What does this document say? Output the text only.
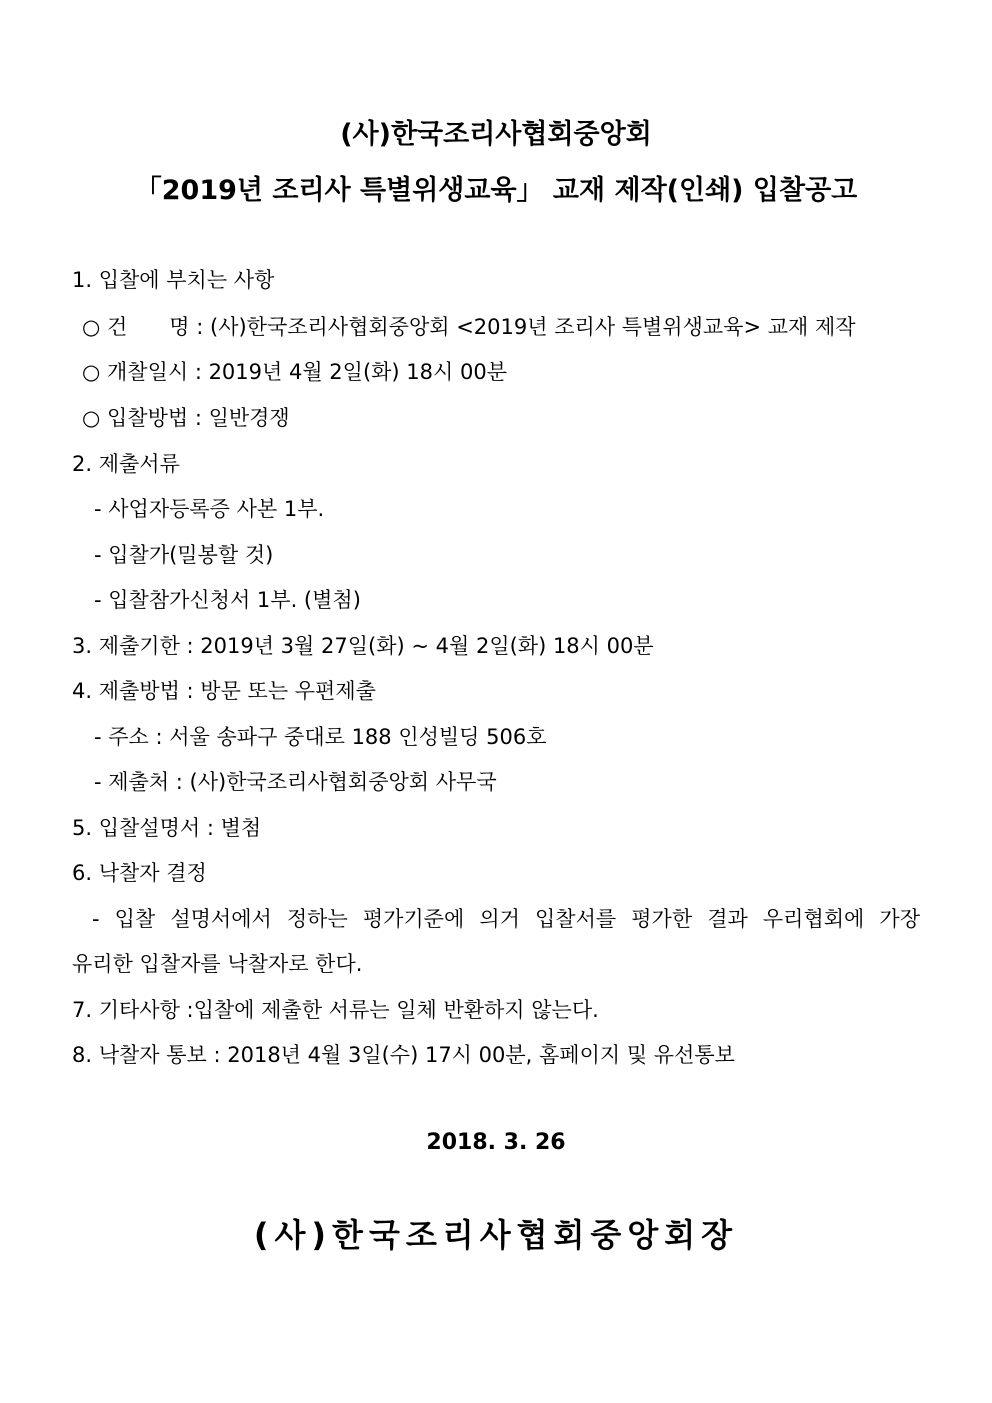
(사)한국조리사협회중앙회
「2019년 조리사 특별위생교육」 교재 제작(인쇄) 입찰공고
1. 입찰에 부치는 사항
○ 건　　명 : (사)한국조리사협회중앙회 <2019년 조리사 특별위생교육> 교재 제작
○ 개찰일시 : 2019년 4월 2일(화) 18시 00분
○ 입찰방법 : 일반경쟁
2. 제출서류
- 사업자등록증 사본 1부.
- 입찰가(밀봉할 것)
- 입찰참가신청서 1부. (별첨)
3. 제출기한 : 2019년 3월 27일(화) ~ 4월 2일(화) 18시 00분
4. 제출방법 : 방문 또는 우편제출
- 주소 : 서울 송파구 중대로 188 인성빌딩 506호
- 제출처 : (사)한국조리사협회중앙회 사무국
5. 입찰설명서 : 별첨
6. 낙찰자 결정
- 입찰 설명서에서 정하는 평가기준에 의거 입찰서를 평가한 결과 우리협회에 가장
유리한 입찰자를 낙찰자로 한다.
7. 기타사항 :입찰에 제출한 서류는 일체 반환하지 않는다.
8. 낙찰자 통보 : 2018년 4월 3일(수) 17시 00분, 홈페이지 및 유선통보
2018. 3. 26
(사)한국조리사협회중앙회장
